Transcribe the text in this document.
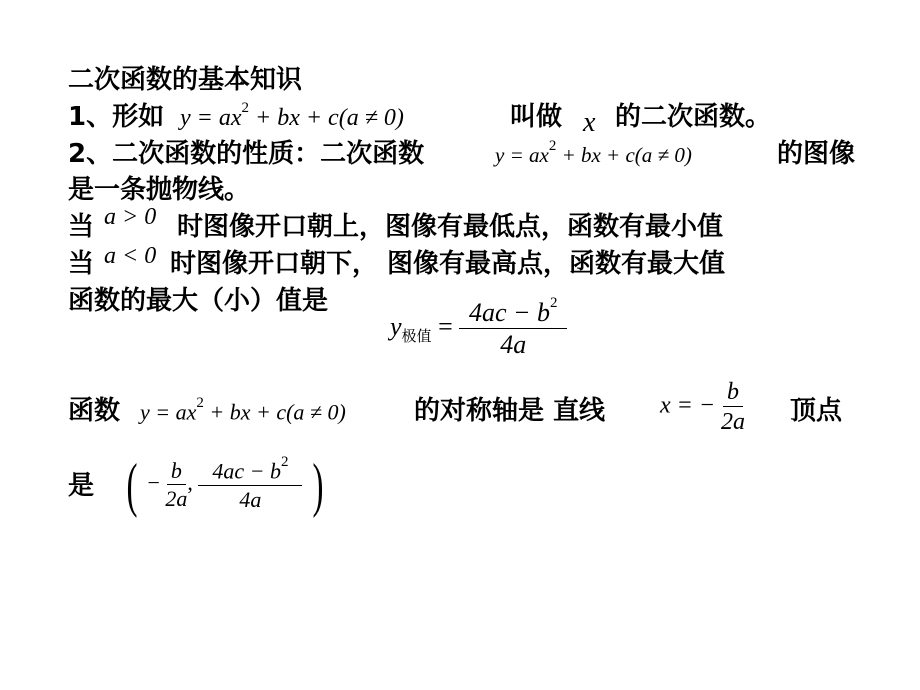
二次函数的基本知识
1、形如 $y = ax^2$ + bx + c(a ≠ 0)	叫做 x 的二次函数。
2、二次函数的性质：二次函数	$y = ax^2$ + bx + c(a ≠ 0)	的图像
是一条抛物线。
当 a > 0 时图像开口朝上，图像有最低点，函数有最小值
当 a < 0 时图像开口朝下， 图像有最高点，函数有最大值
函数的最大（小）值是
$y_{极值} = \frac{4ac - b^2}{4a}$
函数 $y = ax^2$ + bx + c(a ≠ 0)	的对称轴是 直线 x = − $\frac{b}{2a}$ 顶点
是 ( − $\frac{b}{2a}$ , $\frac{4ac - b^2}{4a}$ )
